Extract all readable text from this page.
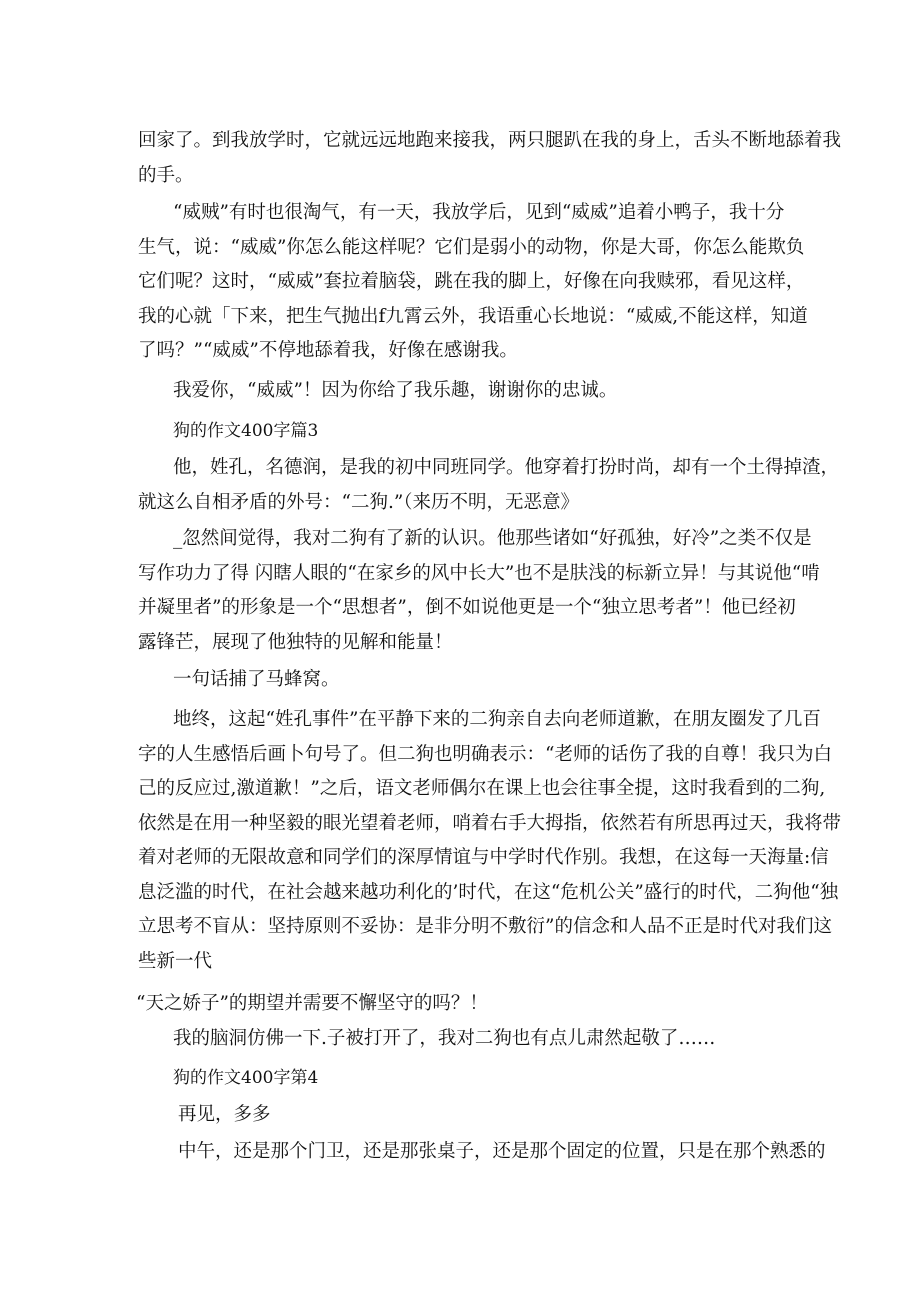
回家了。到我放学时，它就远远地跑来接我，两只腿趴在我的身上，舌头不断地舔着我
的手。
“威贼”有时也很淘气，有一天，我放学后，见到“威威”追着小鸭子，我十分
生气，说：“威威”你怎么能这样呢？它们是弱小的动物，你是大哥，你怎么能欺负
它们呢？这时，“威威”套拉着脑袋，跳在我的脚上，好像在向我赎邪，看见这样，
我的心就「下来，把生气抛出f九霄云外，我语重心长地说：“威威,不能这样，知道
了吗？”“威威”不停地舔着我，好像在感谢我。
我爱你，“威威”！因为你给了我乐趣，谢谢你的忠诚。
狗的作文400字篇3
他，姓孔，名德润，是我的初中同班同学。他穿着打扮时尚，却有一个土得掉渣，
就这么自相矛盾的外号：“二狗.”（来历不明，无恶意》
_忽然间觉得，我对二狗有了新的认识。他那些诸如“好孤独，好冷”之类不仅是
写作功力了得 闪瞎人眼的“在家乡的风中长大”也不是肤浅的标新立异！与其说他“啃
并凝里者”的形象是一个“思想者”，倒不如说他更是一个“独立思考者”！他已经初
露锋芒，展现了他独特的见解和能量！
一句话捕了马蜂窝。
地终，这起“姓孔事件”在平静下来的二狗亲自去向老师道歉，在朋友圈发了几百
字的人生感悟后画卜句号了。但二狗也明确表示：“老师的话伤了我的自尊！我只为白
己的反应过,激道歉！”之后，语文老师偶尔在课上也会往事全提，这时我看到的二狗,
依然是在用一种坚毅的眼光望着老师，哨着右手大拇指，依然若有所思再过天，我将带
着对老师的无限故意和同学们的深厚情谊与中学时代作别。我想，在这每一天海量:信
息泛滥的时代，在社会越来越功利化的’时代，在这“危机公关”盛行的时代，二狗他“独
立思考不盲从：坚持原则不妥协：是非分明不敷衍”的信念和人品不正是时代对我们这
些新一代
“天之娇子”的期望并需要不懈坚守的吗？！
我的脑洞仿佛一下.子被打开了，我对二狗也有点儿肃然起敬了……
狗的作文400字第4
再见，多多
中午，还是那个门卫，还是那张桌子，还是那个固定的位置，只是在那个熟悉的
